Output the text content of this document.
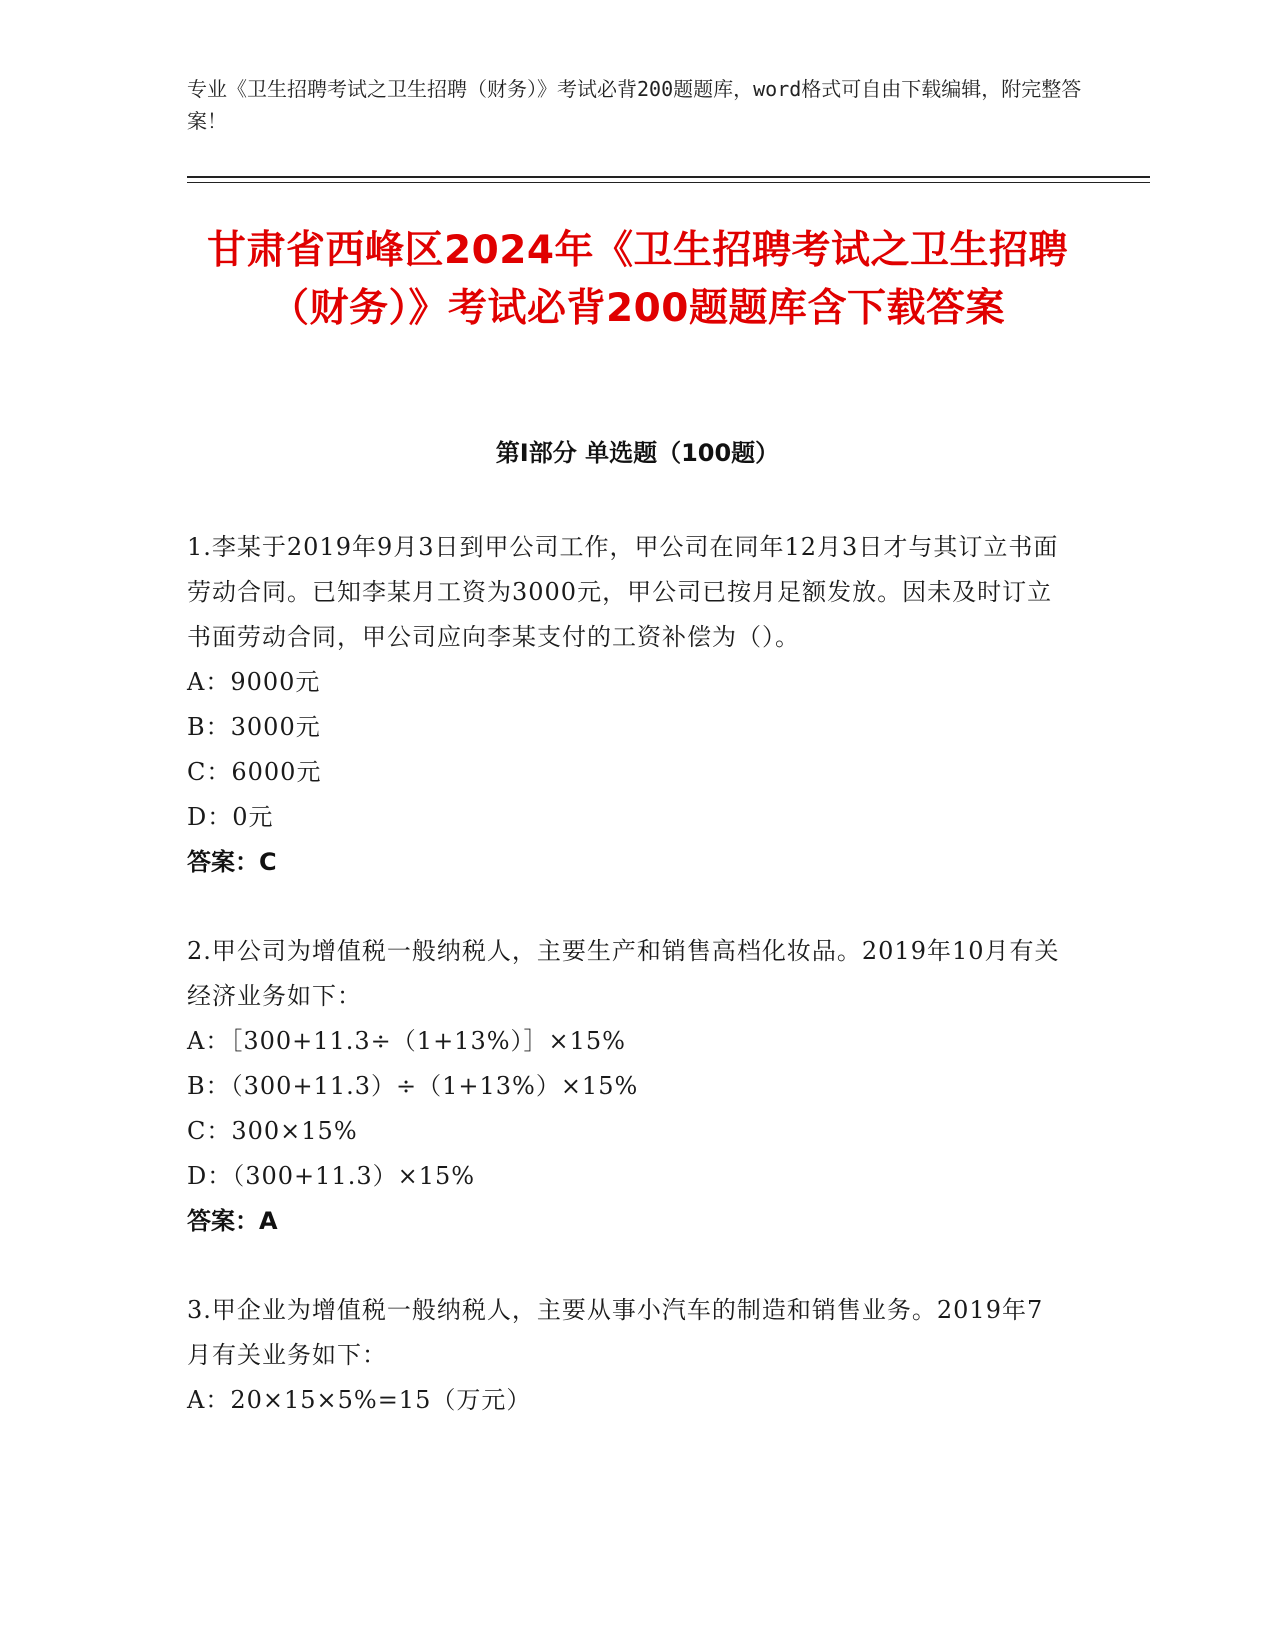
专业《卫生招聘考试之卫生招聘（财务）》考试必背200题题库，word格式可自由下载编辑，附完整答案！
甘肃省西峰区2024年《卫生招聘考试之卫生招聘（财务）》考试必背200题题库含下载答案
第I部分 单选题（100题）
1.李某于2019年9月3日到甲公司工作，甲公司在同年12月3日才与其订立书面劳动合同。已知李某月工资为3000元，甲公司已按月足额发放。因未及时订立书面劳动合同，甲公司应向李某支付的工资补偿为（）。
A：9000元
B：3000元
C：6000元
D：0元
答案：C
2.甲公司为增值税一般纳税人，主要生产和销售高档化妆品。2019年10月有关经济业务如下：
A：［300+11.3÷（1+13%）］×15%
B：（300+11.3）÷（1+13%）×15%
C：300×15%
D：（300+11.3）×15%
答案：A
3.甲企业为增值税一般纳税人，主要从事小汽车的制造和销售业务。2019年7月有关业务如下：
A：20×15×5%=15（万元）
